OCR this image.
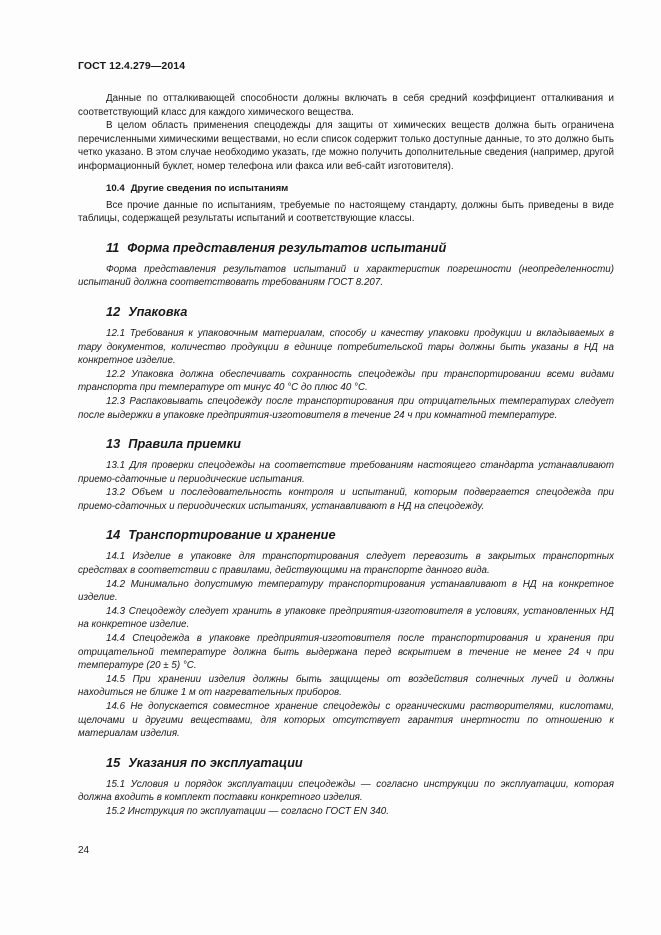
ГОСТ 12.4.279—2014

Данные по отталкивающей способности должны включать в себя средний коэффициент отталкивания и соответствующий класс для каждого химического вещества.

В целом область применения спецодежды для защиты от химических веществ должна быть ограничена перечисленными химическими веществами, но если список содержит только доступные данные, то это должно быть четко указано. В этом случае необходимо указать, где можно получить дополнительные сведения (например, другой информационный буклет, номер телефона или факса или веб-сайт изготовителя).

10.4 Другие сведения по испытаниям

Все прочие данные по испытаниям, требуемые по настоящему стандарту, должны быть приведены в виде таблицы, содержащей результаты испытаний и соответствующие классы.

11 Форма представления результатов испытаний

Форма представления результатов испытаний и характеристик погрешности (неопределенности) испытаний должна соответствовать требованиям ГОСТ 8.207.

12 Упаковка

12.1 Требования к упаковочным материалам, способу и качеству упаковки продукции и вкладываемых в тару документов, количество продукции в единице потребительской тары должны быть указаны в НД на конкретное изделие.

12.2 Упаковка должна обеспечивать сохранность спецодежды при транспортировании всеми видами транспорта при температуре от минус 40 °С до плюс 40 °С.

12.3 Распаковывать спецодежду после транспортирования при отрицательных температурах следует после выдержки в упаковке предприятия-изготовителя в течение 24 ч при комнатной температуре.

13 Правила приемки

13.1 Для проверки спецодежды на соответствие требованиям настоящего стандарта устанавливают приемо-сдаточные и периодические испытания.

13.2 Объем и последовательность контроля и испытаний, которым подвергается спецодежда при приемо-сдаточных и периодических испытаниях, устанавливают в НД на спецодежду.

14 Транспортирование и хранение

14.1 Изделие в упаковке для транспортирования следует перевозить в закрытых транспортных средствах в соответствии с правилами, действующими на транспорте данного вида.

14.2 Минимально допустимую температуру транспортирования устанавливают в НД на конкретное изделие.

14.3 Спецодежду следует хранить в упаковке предприятия-изготовителя в условиях, установленных НД на конкретное изделие.

14.4 Спецодежда в упаковке предприятия-изготовителя после транспортирования и хранения при отрицательной температуре должна быть выдержана перед вскрытием в течение не менее 24 ч при температуре (20 ± 5) °С.

14.5 При хранении изделия должны быть защищены от воздействия солнечных лучей и должны находиться не ближе 1 м от нагревательных приборов.

14.6 Не допускается совместное хранение спецодежды с органическими растворителями, кислотами, щелочами и другими веществами, для которых отсутствует гарантия инертности по отношению к материалам изделия.

15 Указания по эксплуатации

15.1 Условия и порядок эксплуатации спецодежды — согласно инструкции по эксплуатации, которая должна входить в комплект поставки конкретного изделия.

15.2 Инструкция по эксплуатации — согласно ГОСТ EN 340.

24
